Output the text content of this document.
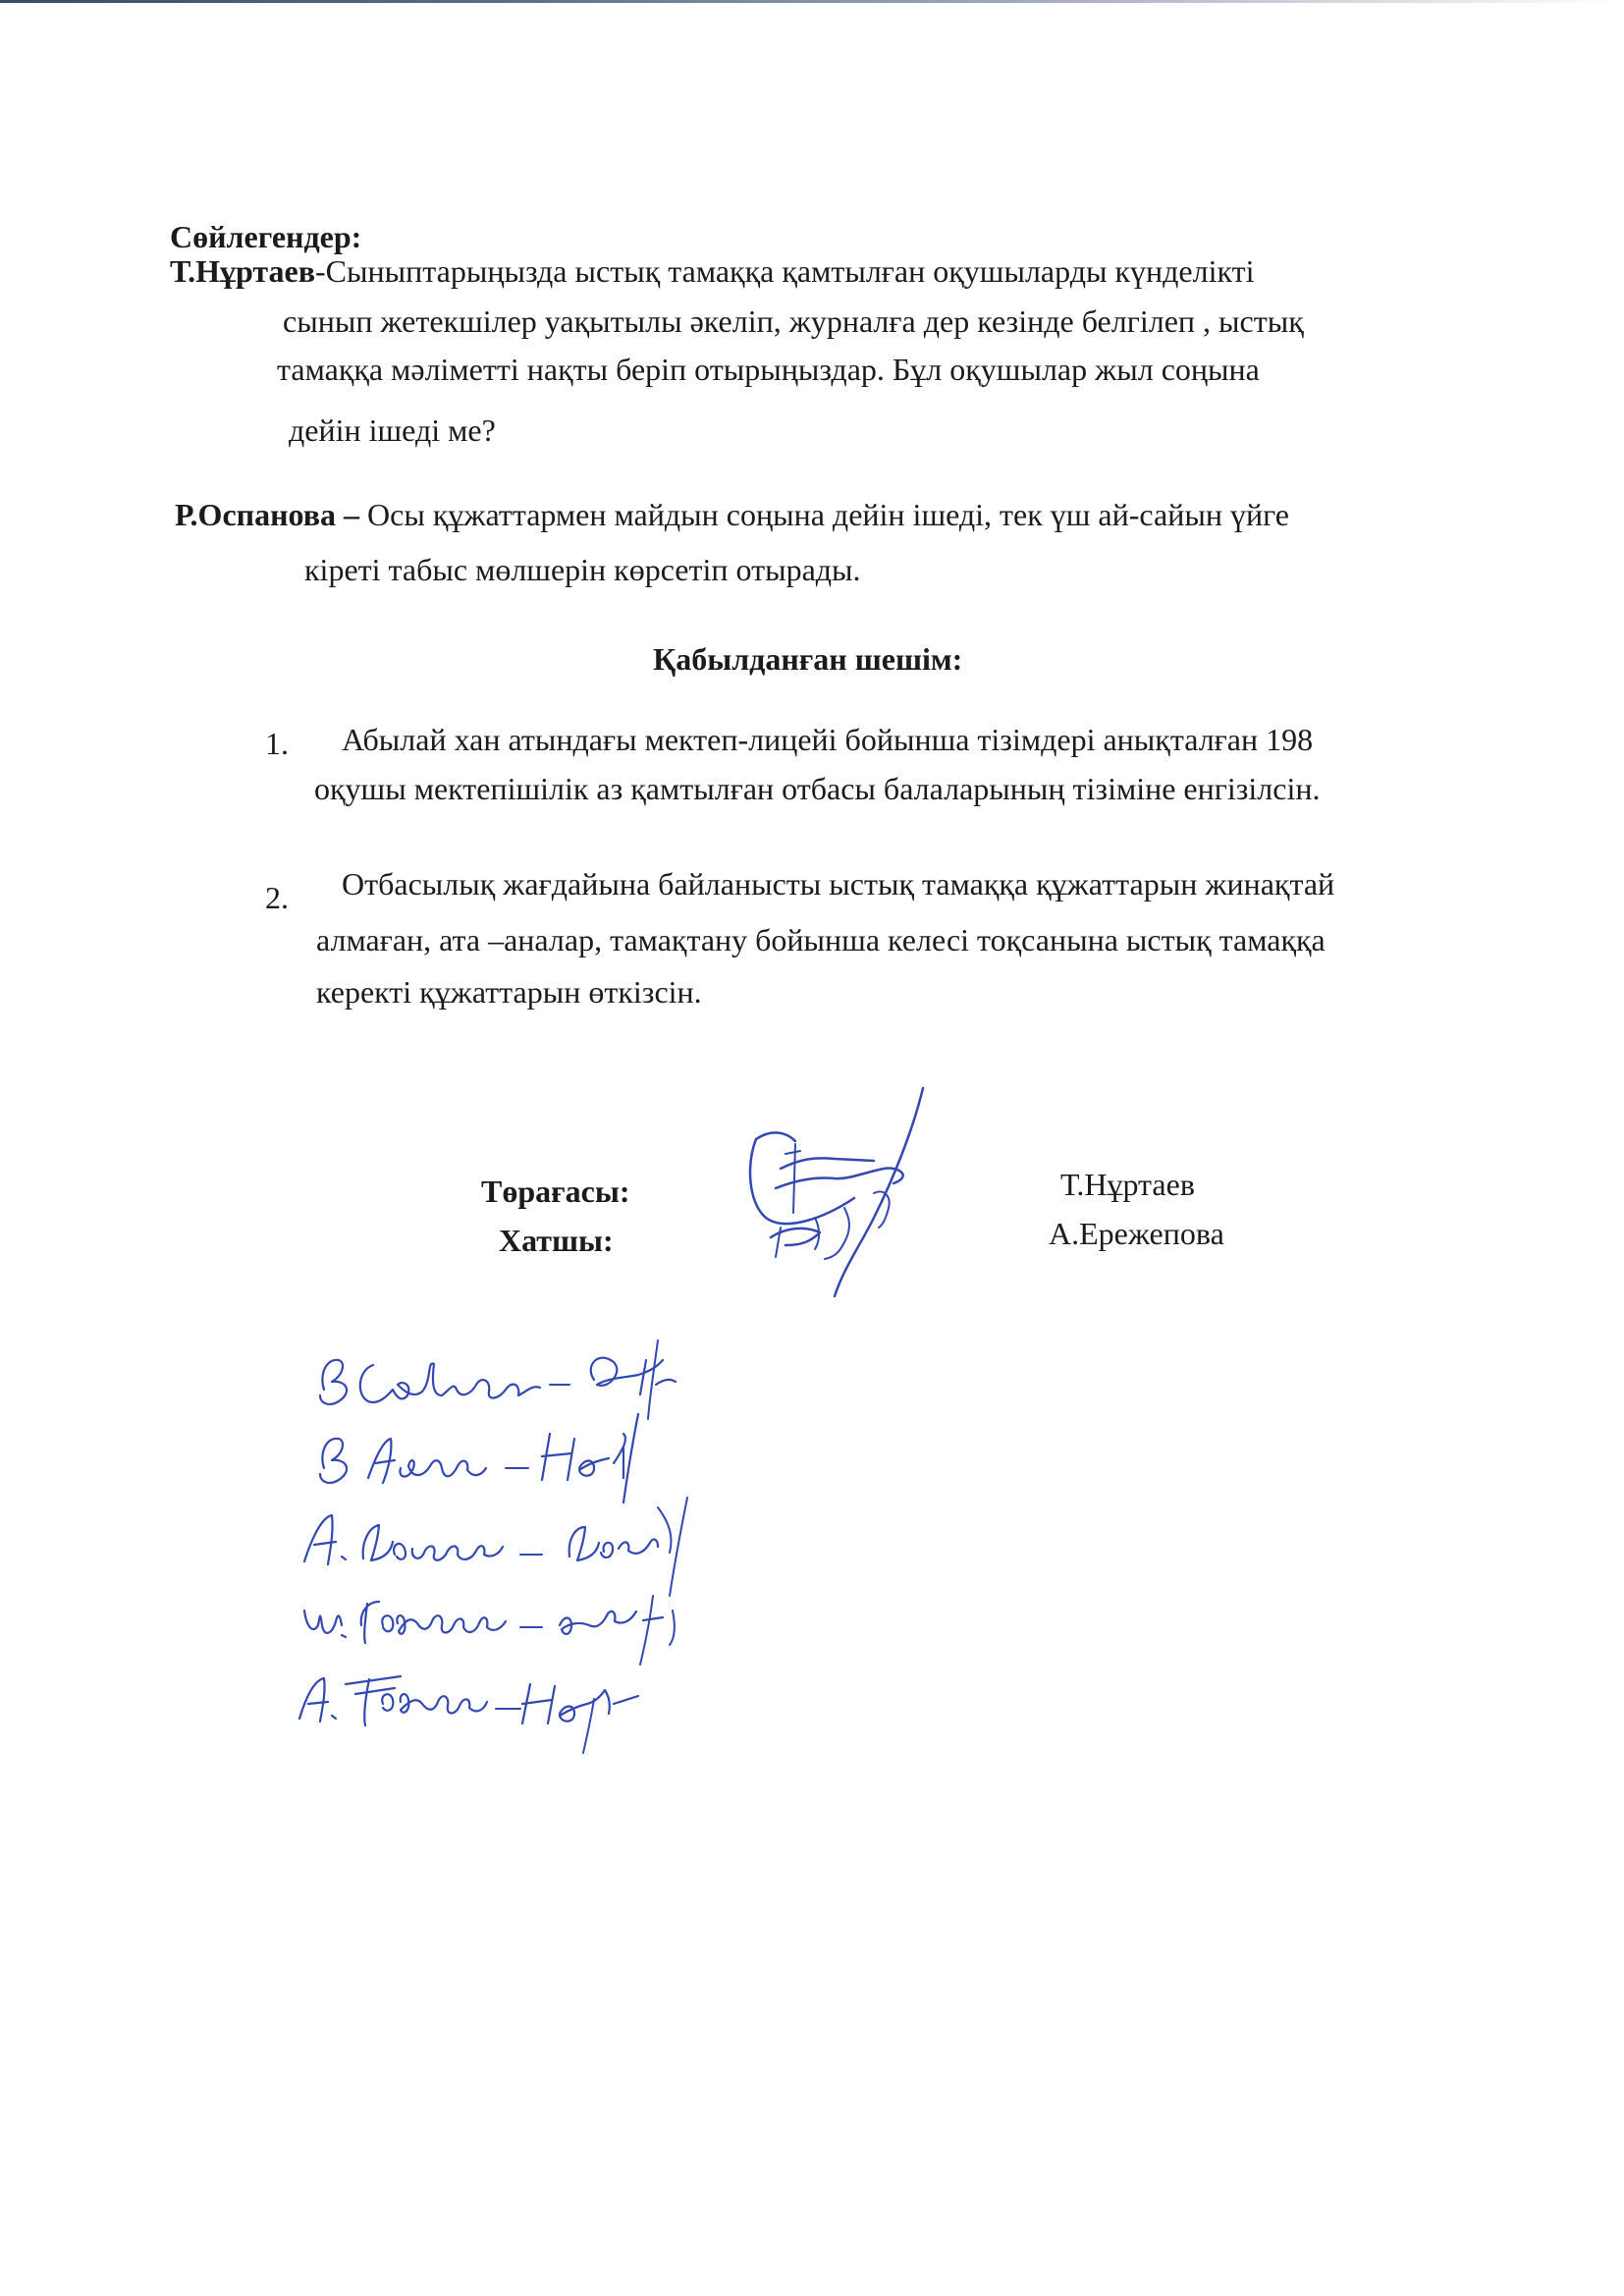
Сөйлегендер:
Т.Нұртаев-Сыныптарыңызда ыстық тамаққа қамтылған оқушыларды күнделікті
сынып жетекшілер уақытылы әкеліп, журналға дер кезінде белгілеп , ыстық
тамаққа мәліметті нақты беріп отырыңыздар. Бұл оқушылар жыл соңына
дейін ішеді ме?
Р.Оспанова – Осы құжаттармен майдын соңына дейін ішеді, тек үш ай-сайын үйге
кіреті табыс мөлшерін көрсетіп отырады.
Қабылданған шешім:
1. Абылай хан атындағы мектеп-лицейі бойынша тізімдері анықталған 198
оқушы мектепішілік аз қамтылған отбасы балаларының тізіміне енгізілсін.
2. Отбасылық жағдайына байланысты ыстық тамаққа құжаттарын жинақтай
алмаған, ата –аналар, тамақтану бойынша келесі тоқсанына ыстық тамаққа
керекті құжаттарын өткізсін.
Төрағасы:	Т.Нұртаев
Хатшы:	А.Ережепова
